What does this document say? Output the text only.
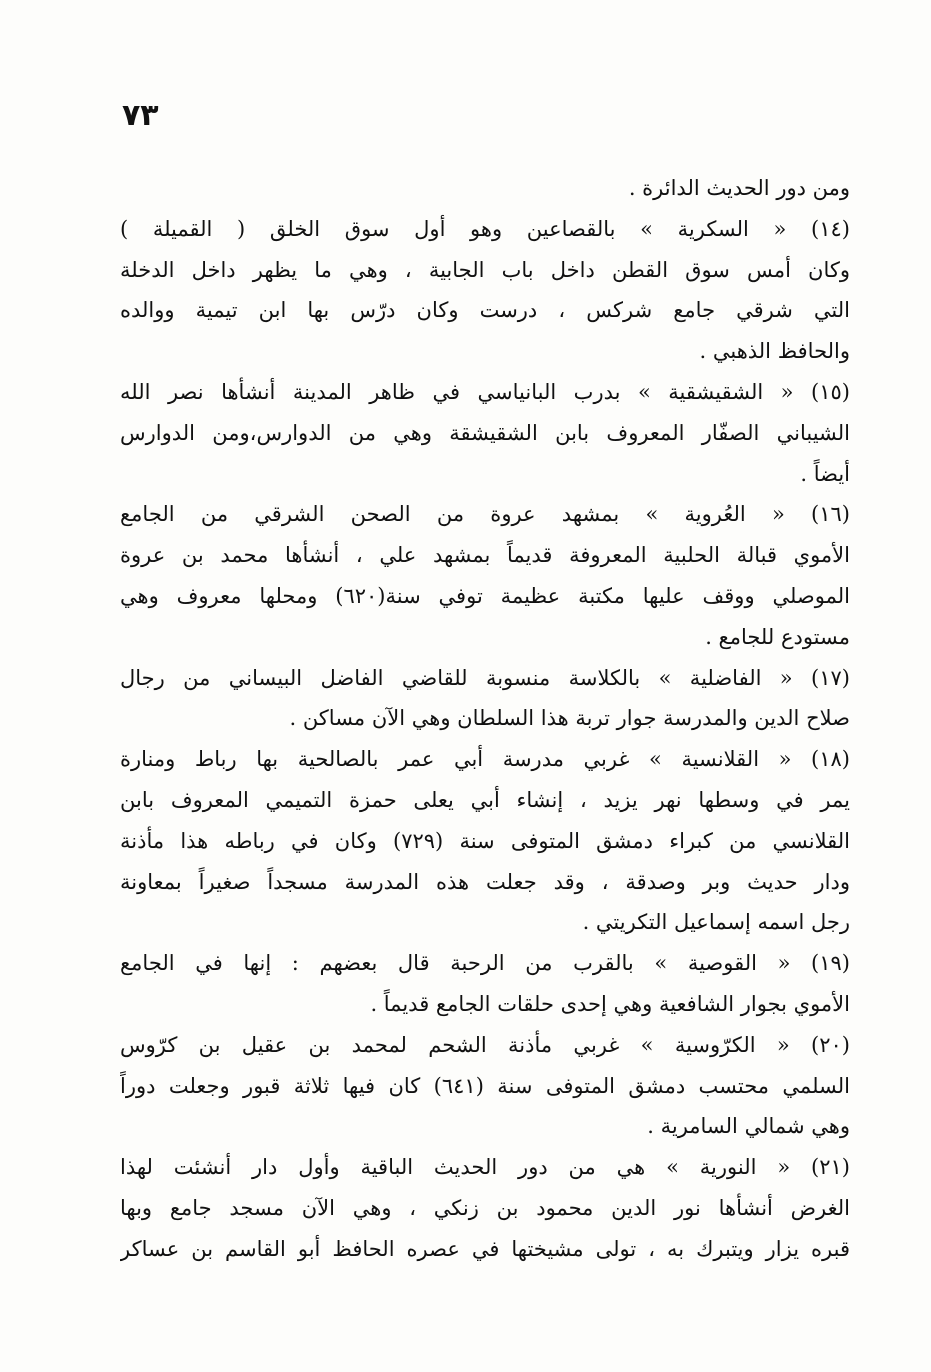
٧٣
ومن دور الحديث الدائرة .
(١٤) « السكرية » بالقصاعين وهو أول سوق الخلق ( القميلة )
وكان أمس سوق القطن داخل باب الجابية ، وهي ما يظهر داخل الدخلة
التي شرقي جامع شركس ، درست وكان درّس بها ابن تيمية ووالده
والحافظ الذهبي .
(١٥) « الشقيشقية » بدرب البانياسي في ظاهر المدينة أنشأها نصر الله
الشيباني الصفّار المعروف بابن الشقيشقة وهي من الدوارس،ومن الدوارس
أيضاً .
(١٦) « العُروية » بمشهد عروة من الصحن الشرقي من الجامع
الأموي قبالة الحلبية المعروفة قديماً بمشهد علي ، أنشأها محمد بن عروة
الموصلي ووقف عليها مكتبة عظيمة توفي سنة(٦٢٠) ومحلها معروف وهي
مستودع للجامع .
(١٧) « الفاضلية » بالكلاسة منسوبة للقاضي الفاضل البيساني من رجال
صلاح الدين والمدرسة جوار تربة هذا السلطان وهي الآن مساكن .
(١٨) « القلانسية » غربي مدرسة أبي عمر بالصالحية بها رباط ومنارة
يمر في وسطها نهر يزيد ، إنشاء أبي يعلى حمزة التميمي المعروف بابن
القلانسي من كبراء دمشق المتوفى سنة (٧٢٩) وكان في رباطه هذا مأذنة
ودار حديث وبر وصدقة ، وقد جعلت هذه المدرسة مسجداً صغيراً بمعاونة
رجل اسمه إسماعيل التكريتي .
(١٩) « القوصية » بالقرب من الرحبة قال بعضهم : إنها في الجامع
الأموي بجوار الشافعية وهي إحدى حلقات الجامع قديماً .
(٢٠) « الكرّوسية » غربي مأذنة الشحم لمحمد بن عقيل بن كرّوس
السلمي محتسب دمشق المتوفى سنة (٦٤١) كان فيها ثلاثة قبور وجعلت دوراً
وهي شمالي السامرية .
(٢١) « النورية » هي من دور الحديث الباقية وأول دار أنشئت لهذا
الغرض أنشأها نور الدين محمود بن زنكي ، وهي الآن مسجد جامع وبها
قبره يزار ويتبرك به ، تولى مشيختها في عصره الحافظ أبو القاسم بن عساكر
